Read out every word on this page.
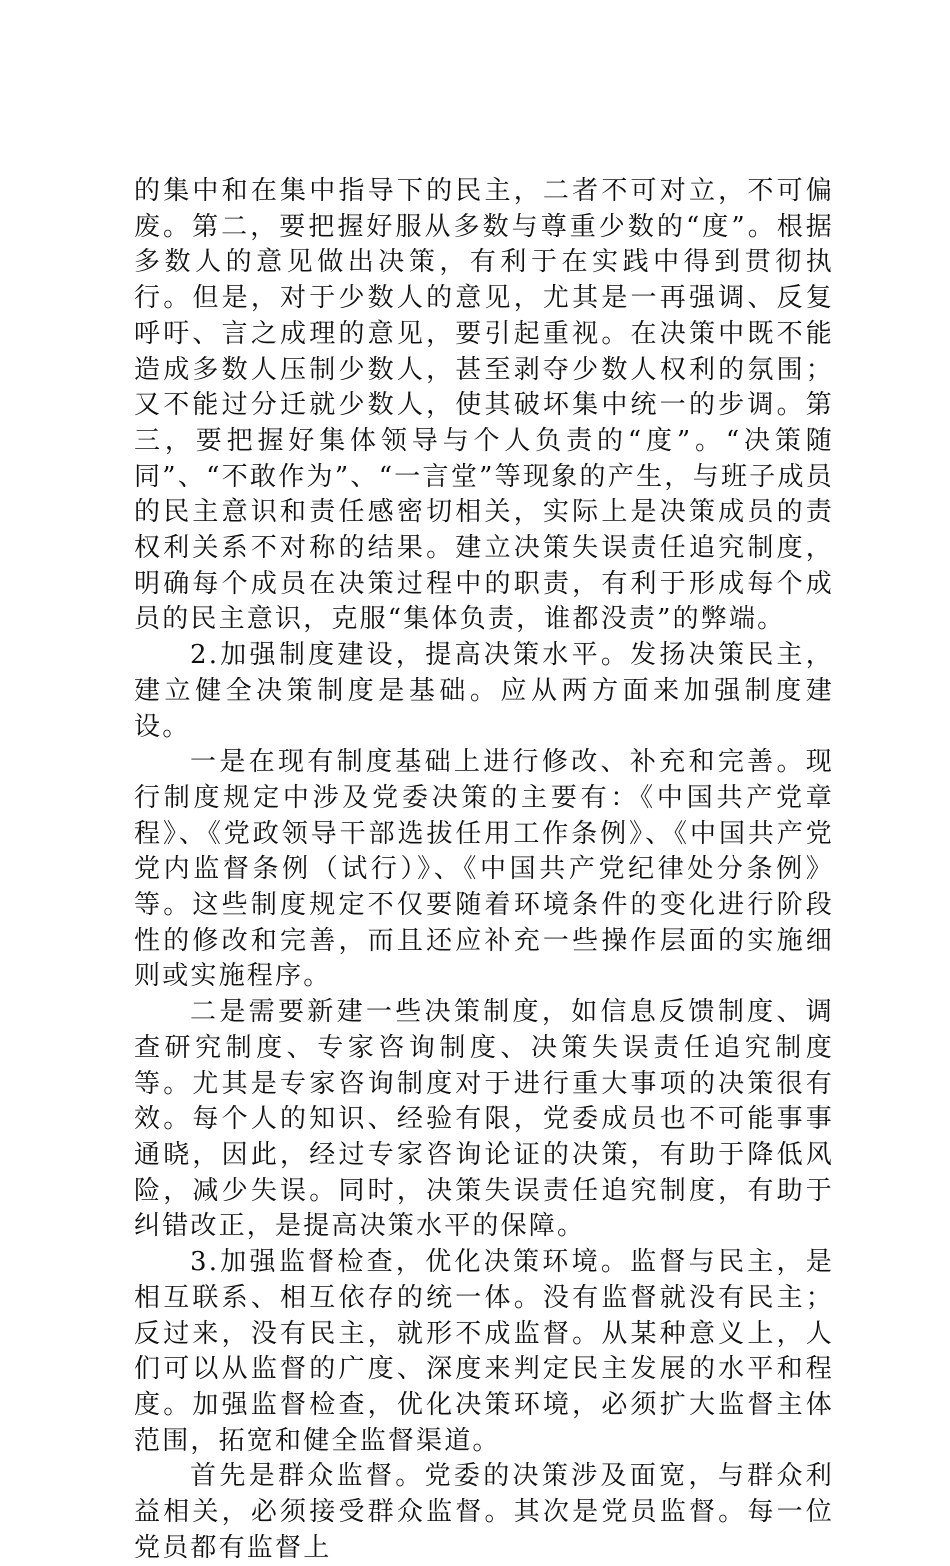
的集中和在集中指导下的民主，二者不可对立，不可偏废。第二，要把握好服从多数与尊重少数的“度”。根据多数人的意见做出决策，有利于在实践中得到贯彻执行。但是，对于少数人的意见，尤其是一再强调、反复呼吁、言之成理的意见，要引起重视。在决策中既不能造成多数人压制少数人，甚至剥夺少数人权利的氛围；又不能过分迁就少数人，使其破坏集中统一的步调。第三，要把握好集体领导与个人负责的“度”。“决策随同”、“不敢作为”、“一言堂”等现象的产生，与班子成员的民主意识和责任感密切相关，实际上是决策成员的责权利关系不对称的结果。建立决策失误责任追究制度，明确每个成员在决策过程中的职责，有利于形成每个成员的民主意识，克服“集体负责，谁都没责”的弊端。

2.加强制度建设，提高决策水平。发扬决策民主，建立健全决策制度是基础。应从两方面来加强制度建设。

一是在现有制度基础上进行修改、补充和完善。现行制度规定中涉及党委决策的主要有：《中国共产党章程》、《党政领导干部选拔任用工作条例》、《中国共产党党内监督条例（试行）》、《中国共产党纪律处分条例》等。这些制度规定不仅要随着环境条件的变化进行阶段性的修改和完善，而且还应补充一些操作层面的实施细则或实施程序。

二是需要新建一些决策制度，如信息反馈制度、调查研究制度、专家咨询制度、决策失误责任追究制度等。尤其是专家咨询制度对于进行重大事项的决策很有效。每个人的知识、经验有限，党委成员也不可能事事通晓，因此，经过专家咨询论证的决策，有助于降低风险，减少失误。同时，决策失误责任追究制度，有助于纠错改正，是提高决策水平的保障。

3.加强监督检查，优化决策环境。监督与民主，是相互联系、相互依存的统一体。没有监督就没有民主；反过来，没有民主，就形不成监督。从某种意义上，人们可以从监督的广度、深度来判定民主发展的水平和程度。加强监督检查，优化决策环境，必须扩大监督主体范围，拓宽和健全监督渠道。

首先是群众监督。党委的决策涉及面宽，与群众利益相关，必须接受群众监督。其次是党员监督。每一位党员都有监督上
